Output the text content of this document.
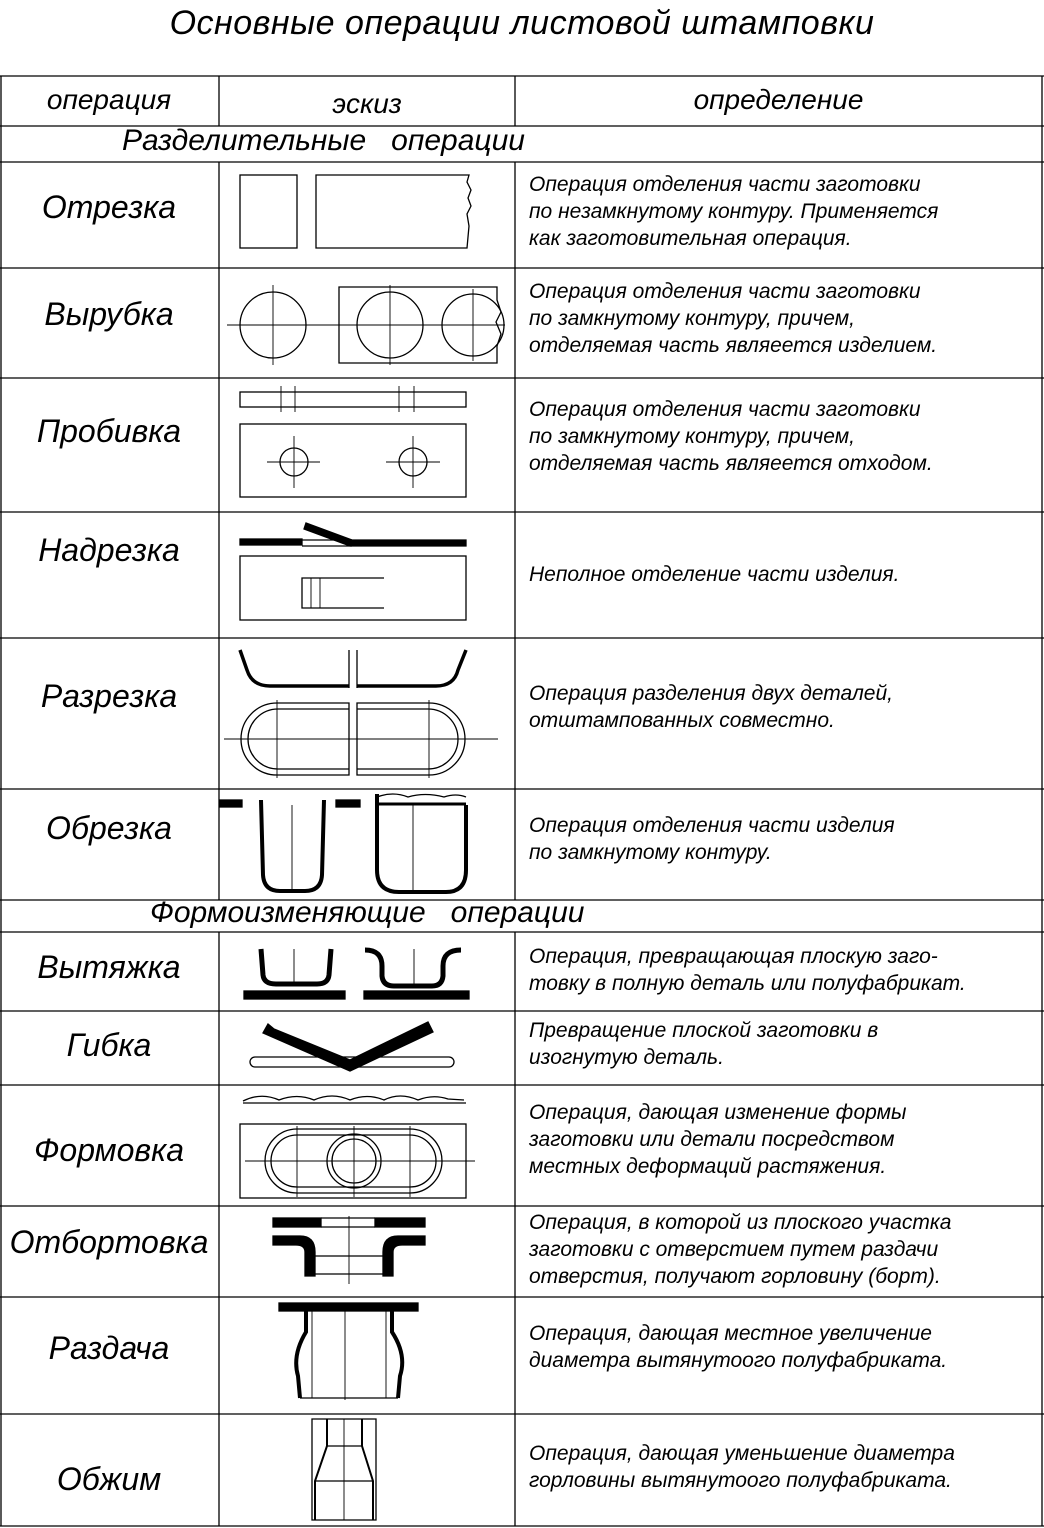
Основные операции листовой штамповки
операция	эскиз	определение
Разделительные   операции
Формоизменяющие   операции
Отрезка
Вырубка
Пробивка
Надрезка
Разрезка
Обрезка
Вытяжка
Гибка
Формовка
Отбортовка
Раздача
Обжим
Операция отделения части заготовки
по незамкнутому контуру. Применяется
как заготовительная операция.
Операция отделения части заготовки
по замкнутому контуру, причем,
отделяемая часть являеется изделием.
Операция отделения части заготовки
по замкнутому контуру, причем,
отделяемая часть являеется отходом.
Неполное отделение части изделия.
Операция разделения двух деталей,
отштампованных совместно.
Операция отделения части изделия
по замкнутому контуру.
Операция, превращающая плоскую заго-
товку в полную деталь или полуфабрикат.
Превращение плоской заготовки в
изогнутую деталь.
Операция, дающая изменение формы
заготовки или детали посредством
местных деформаций растяжения.
Операция, в которой из плоского участка
заготовки с отверстием путем раздачи
отверстия, получают горловину (борт).
Операция, дающая местное увеличение
диаметра вытянутоого полуфабриката.
Операция, дающая уменьшение диаметра
горловины вытянутоого полуфабриката.
